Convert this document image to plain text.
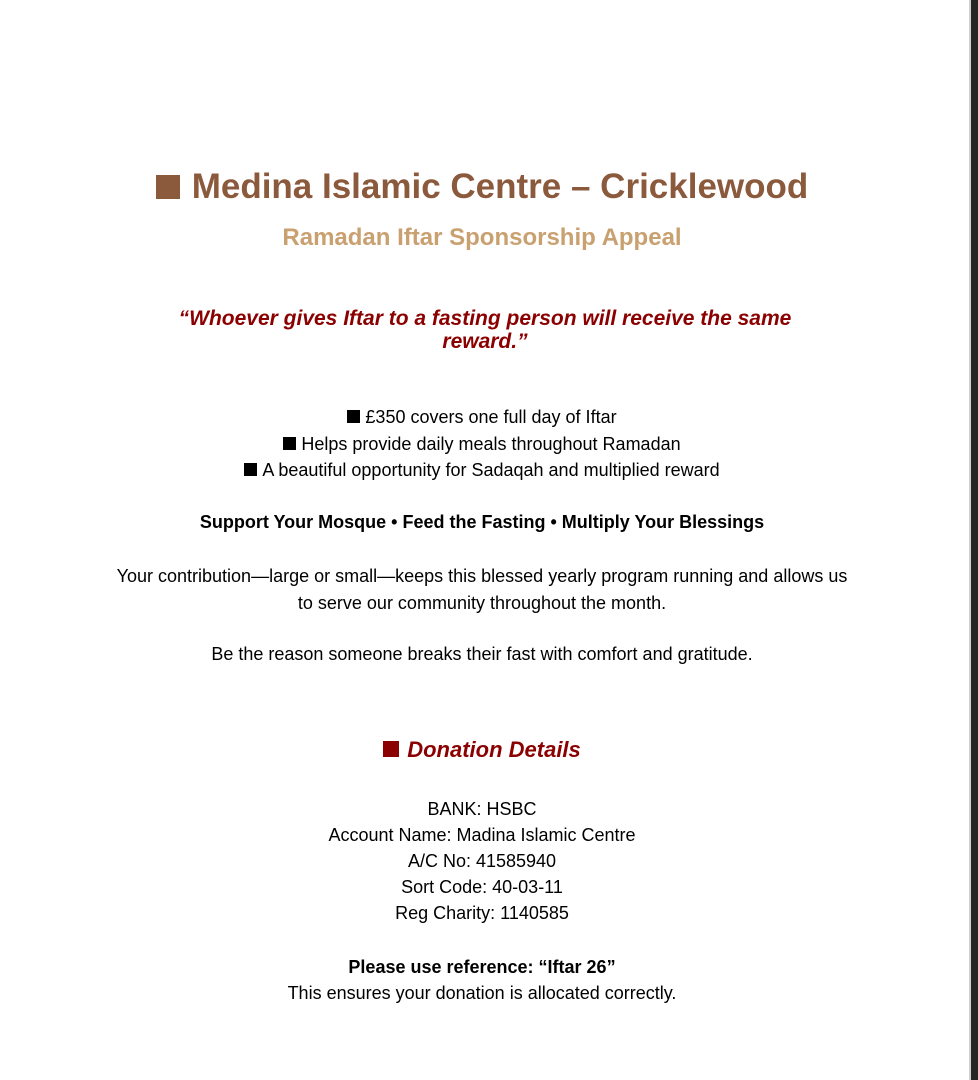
Medina Islamic Centre – Cricklewood
Ramadan Iftar Sponsorship Appeal
“Whoever gives Iftar to a fasting person will receive the same reward.”
£350 covers one full day of Iftar
Helps provide daily meals throughout Ramadan
A beautiful opportunity for Sadaqah and multiplied reward
Support Your Mosque • Feed the Fasting • Multiply Your Blessings
Your contribution—large or small—keeps this blessed yearly program running and allows us to serve our community throughout the month.
Be the reason someone breaks their fast with comfort and gratitude.
Donation Details
BANK: HSBC
Account Name: Madina Islamic Centre
A/C No: 41585940
Sort Code: 40-03-11
Reg Charity: 1140585
Please use reference: “Iftar 26”
This ensures your donation is allocated correctly.
